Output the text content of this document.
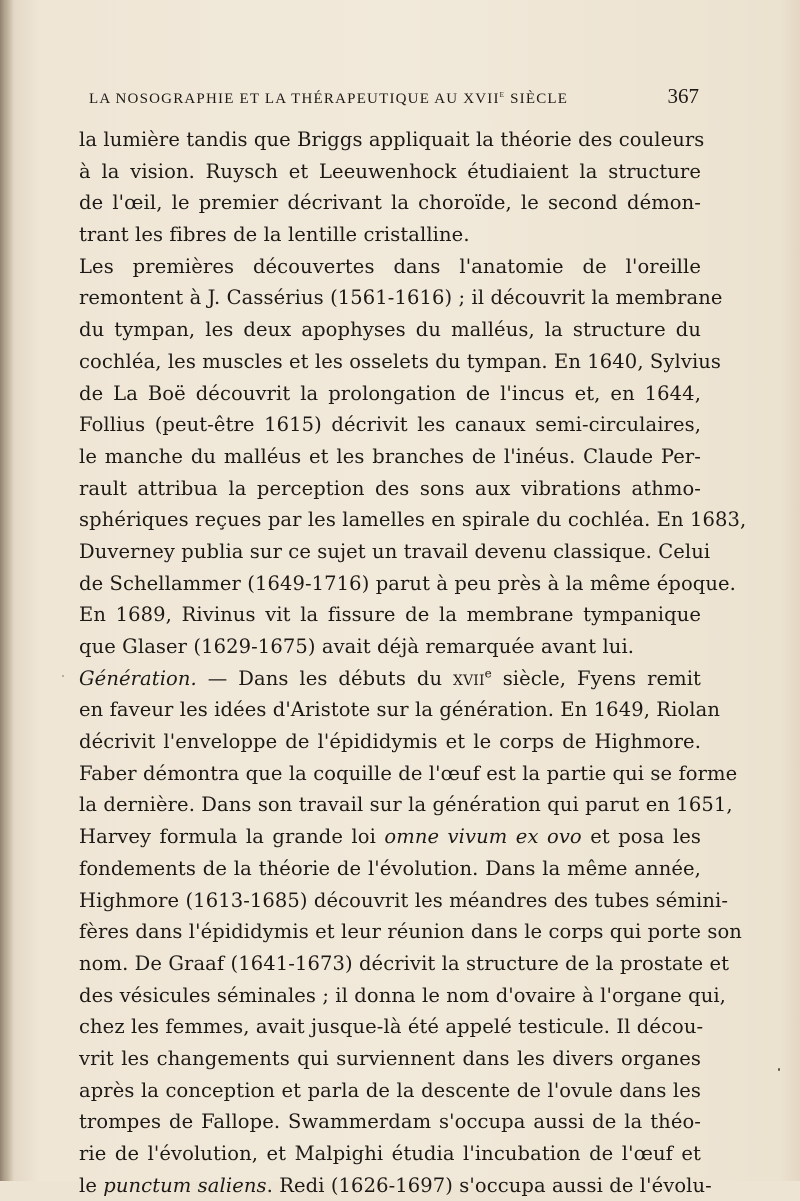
LA NOSOGRAPHIE ET LA THÉRAPEUTIQUE AU XVIIe SIÈCLE	367
la lumière tandis que Briggs appliquait la théorie des couleurs
à la vision. Ruysch et Leeuwenhock étudiaient la structure
de l'œil, le premier décrivant la choroïde, le second démon-
trant les fibres de la lentille cristalline.
Les premières découvertes dans l'anatomie de l'oreille
remontent à J. Cassérius (1561-1616) ; il découvrit la membrane
du tympan, les deux apophyses du malléus, la structure du
cochléa, les muscles et les osselets du tympan. En 1640, Sylvius
de La Boë découvrit la prolongation de l'incus et, en 1644,
Follius (peut-être 1615) décrivit les canaux semi-circulaires,
le manche du malléus et les branches de l'inéus. Claude Per-
rault attribua la perception des sons aux vibrations athmo-
sphériques reçues par les lamelles en spirale du cochléa. En 1683,
Duverney publia sur ce sujet un travail devenu classique. Celui
de Schellammer (1649-1716) parut à peu près à la même époque.
En 1689, Rivinus vit la fissure de la membrane tympanique
que Glaser (1629-1675) avait déjà remarquée avant lui.
Génération. — Dans les débuts du xvii$^e$ siècle, Fyens remit
en faveur les idées d'Aristote sur la génération. En 1649, Riolan
décrivit l'enveloppe de l'épididymis et le corps de Highmore.
Faber démontra que la coquille de l'œuf est la partie qui se forme
la dernière. Dans son travail sur la génération qui parut en 1651,
Harvey formula la grande loi omne vivum ex ovo et posa les
fondements de la théorie de l'évolution. Dans la même année,
Highmore (1613-1685) découvrit les méandres des tubes sémini-
fères dans l'épididymis et leur réunion dans le corps qui porte son
nom. De Graaf (1641-1673) décrivit la structure de la prostate et
des vésicules séminales ; il donna le nom d'ovaire à l'organe qui,
chez les femmes, avait jusque-là été appelé testicule. Il décou-
vrit les changements qui surviennent dans les divers organes
après la conception et parla de la descente de l'ovule dans les
trompes de Fallope. Swammerdam s'occupa aussi de la théo-
rie de l'évolution, et Malpighi étudia l'incubation de l'œuf et
le punctum saliens. Redi (1626-1697) s'occupa aussi de l'évolu-
